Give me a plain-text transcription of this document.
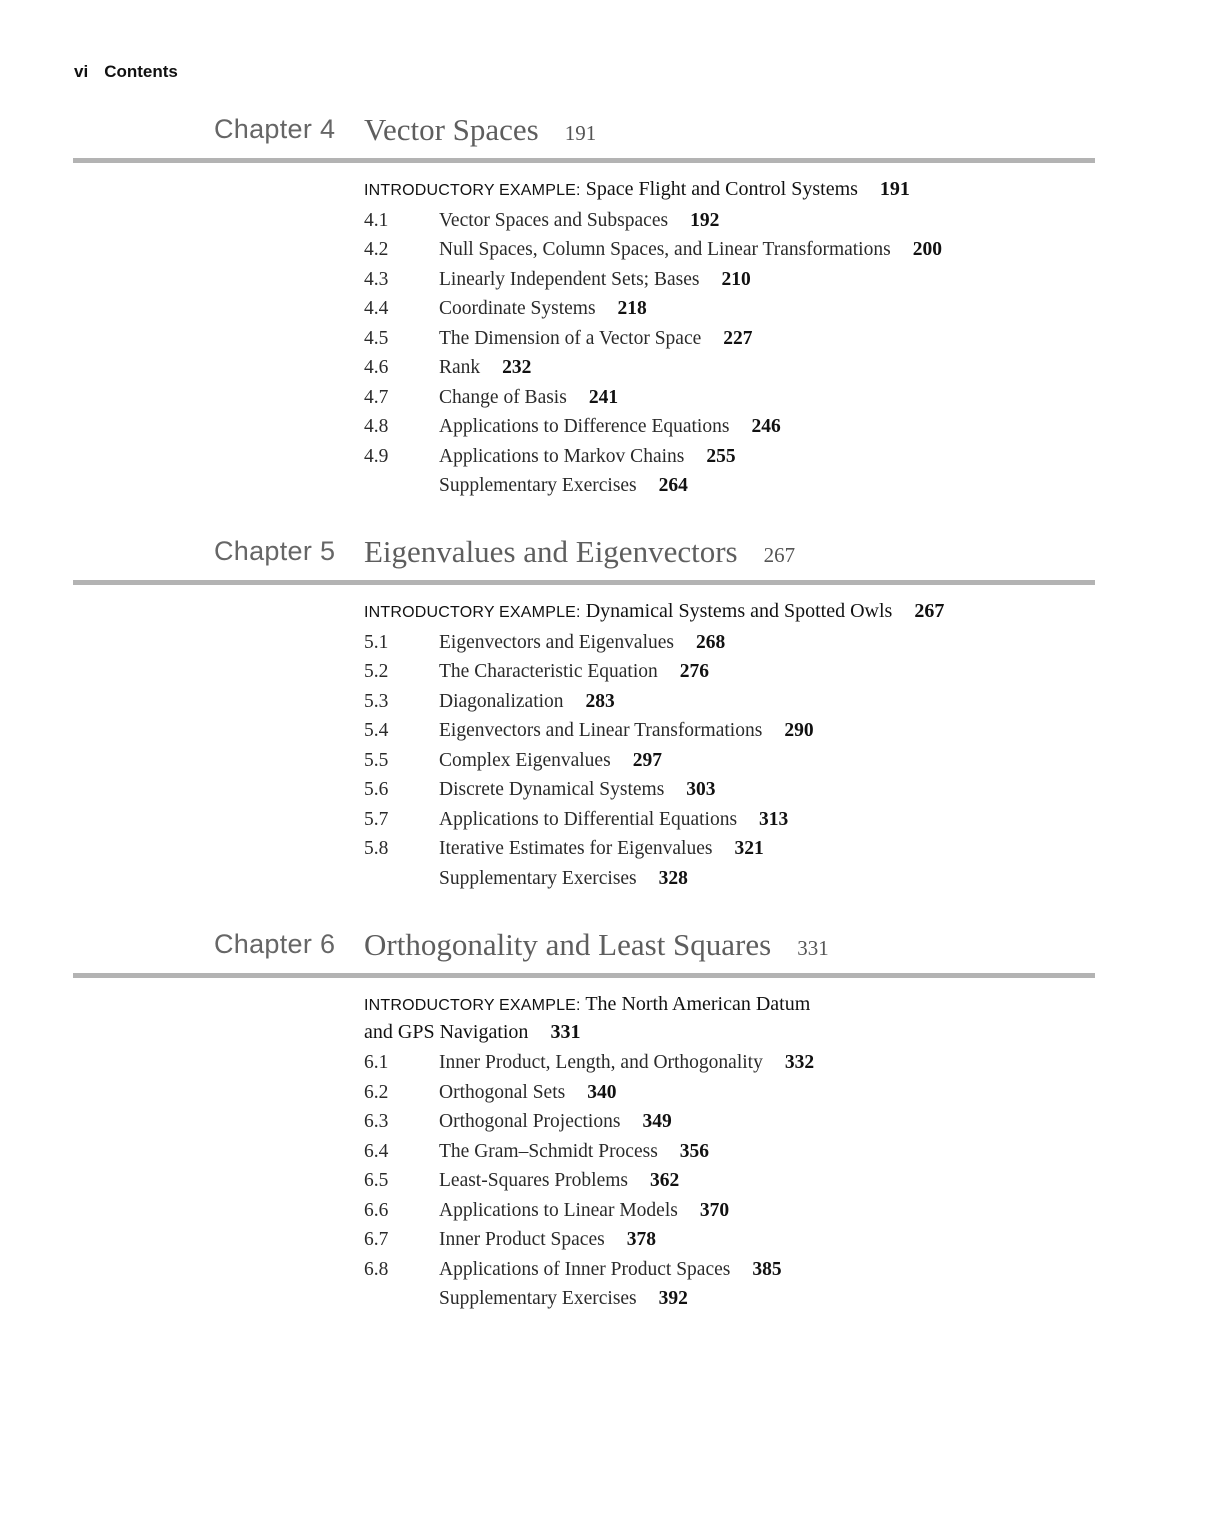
vi Contents
Chapter 4 Vector Spaces 191
INTRODUCTORY EXAMPLE: Space Flight and Control Systems 191
4.1	Vector Spaces and Subspaces 192
4.2	Null Spaces, Column Spaces, and Linear Transformations 200
4.3	Linearly Independent Sets; Bases 210
4.4	Coordinate Systems 218
4.5	The Dimension of a Vector Space 227
4.6	Rank 232
4.7	Change of Basis 241
4.8	Applications to Difference Equations 246
4.9	Applications to Markov Chains 255
Supplementary Exercises 264
Chapter 5 Eigenvalues and Eigenvectors 267
INTRODUCTORY EXAMPLE: Dynamical Systems and Spotted Owls 267
5.1	Eigenvectors and Eigenvalues 268
5.2	The Characteristic Equation 276
5.3	Diagonalization 283
5.4	Eigenvectors and Linear Transformations 290
5.5	Complex Eigenvalues 297
5.6	Discrete Dynamical Systems 303
5.7	Applications to Differential Equations 313
5.8	Iterative Estimates for Eigenvalues 321
Supplementary Exercises 328
Chapter 6 Orthogonality and Least Squares 331
INTRODUCTORY EXAMPLE: The North American Datum
and GPS Navigation 331
6.1	Inner Product, Length, and Orthogonality 332
6.2	Orthogonal Sets 340
6.3	Orthogonal Projections 349
6.4	The Gram–Schmidt Process 356
6.5	Least-Squares Problems 362
6.6	Applications to Linear Models 370
6.7	Inner Product Spaces 378
6.8	Applications of Inner Product Spaces 385
Supplementary Exercises 392
